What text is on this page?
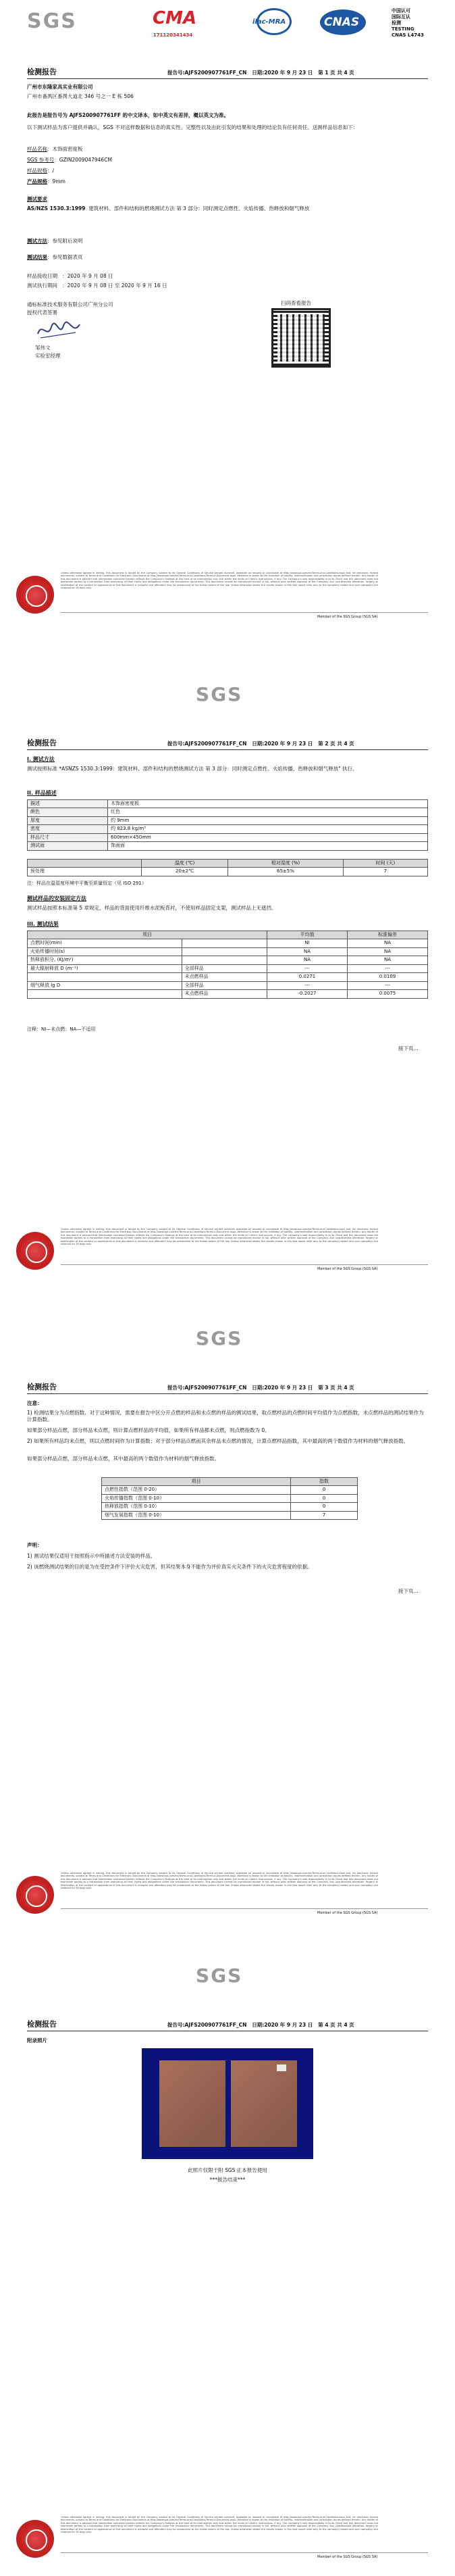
SGS	CMA
171120341434
ilac-MRA	CNAS
中国认可
国际互认
检测
TESTING
CNAS L4743
检测报告	报告号:AJFS200907761FF_CN 日期:2020 年 9 月 23 日 第 1 页 共 4 页
广州市东隆家具实业有限公司
广州市番禺区番禺大道北 346 号之一 E 栋 506
此报告是报告号为 AJFS200907761FF 的中文译本，如中英文有差异，概以英文为准。
以下测试样品为客户提供并确认，SGS 不对送样数据和信息的真实性、完整性以及由此引发的结果和处理的结论负有任何责任。送测样品信息如下：
样品名称：木饰面密度板
SGS 参考号：GZIN2009047946CM
样品规格：/
产品规格：9mm
测试要求
AS/NZS 1530.3:1999 建筑材料、部件和结构的燃烧测试方法 第 3 部分：同时测定点燃性、火焰传播、热释放和烟气释放
测试方法：参见附后说明
测试结果：参见数据表页
样品接收日期 ：2020 年 9 月 08 日
测试执行期间 ：2020 年 9 月 08 日 至 2020 年 9 月 16 日
通标标准技术服务有限公司广州分公司
授权代表签署
邹伟文
实验室经理
扫码查看报告
Unless otherwise agreed in writing, this document is issued by the Company subject to its General Conditions of Service printed overleaf, available on request or accessible at http://www.sgs.com/en/Terms-and-Conditions.aspx and, for electronic format documents, subject to Terms and Conditions for Electronic Documents at http://www.sgs.com/en/Terms-and-Conditions/Terms-e-Document.aspx. Attention is drawn to the limitation of liability, indemnification and jurisdiction issues defined therein. Any holder of this document is advised that information contained hereon reflects the Company's findings at the time of its intervention only and within the limits of Client's instructions, if any. The Company's sole responsibility is to its Client and this document does not exonerate parties to a transaction from exercising all their rights and obligations under the transaction documents. This document cannot be reproduced except in full, without prior written approval of the Company. Any unauthorized alteration, forgery or falsification of the content or appearance of this document is unlawful and offenders may be prosecuted to the fullest extent of the law. Unless otherwise stated the results shown in this test report refer only to the sample(s) tested and such sample(s) are retained for 30 days only.
Member of the SGS Group (SGS SA)
SGS
检测报告	报告号:AJFS200907761FF_CN 日期:2020 年 9 月 23 日 第 2 页 共 4 页
I. 测试方法
测试按照标准 *ASNZS 1530.3:1999：建筑材料、部件和结构的燃烧测试方法 第 3 部分：同时测定点燃性、火焰传播、热释放和烟气释放" 执行。
II. 样品描述
描述	木饰面密度板
颜色	红色
厚度	约 9mm
密度	约 823.8 kg/m³
样品尺寸	600mm×450mm
测试面	饰面面
	温度 (℃)	相对湿度 (%)	时间 (天)
预处理	20±2℃	65±5%	7
注：样品在温湿度环境中平衡至质量恒定（见 ISO 291）
测试样品的安装固定方法
测试样品按照本标准第 5 章规定，样品的背面使用纤维水泥板背衬，不使用样品固定支架，测试样品上无遮挡。
III. 测试结果
项目		平均值	标准偏差
点燃时间(min)		NI	NA
火焰传播时间(s)		NA	NA
热释放积分, (KJ/m²)		NA	NA
最大辐射释放 D (m⁻¹)	全部样品	---	---
	未点燃样品	0.0271	0.0109
烟气释放 lg D	全部样品	---	---
	未点燃样品	-0.2027	0.0075
注释：NI—未点燃；NA—不适用
接下页...
Unless otherwise agreed in writing, this document is issued by the Company subject to its General Conditions of Service printed overleaf, available on request or accessible at http://www.sgs.com/en/Terms-and-Conditions.aspx and, for electronic format documents, subject to Terms and Conditions for Electronic Documents at http://www.sgs.com/en/Terms-and-Conditions/Terms-e-Document.aspx. Attention is drawn to the limitation of liability, indemnification and jurisdiction issues defined therein. Any holder of this document is advised that information contained hereon reflects the Company's findings at the time of its intervention only and within the limits of Client's instructions, if any. The Company's sole responsibility is to its Client and this document does not exonerate parties to a transaction from exercising all their rights and obligations under the transaction documents. This document cannot be reproduced except in full, without prior written approval of the Company. Any unauthorized alteration, forgery or falsification of the content or appearance of this document is unlawful and offenders may be prosecuted to the fullest extent of the law. Unless otherwise stated the results shown in this test report refer only to the sample(s) tested and such sample(s) are retained for 30 days only.
Member of the SGS Group (SGS SA)
SGS
检测报告	报告号:AJFS200907761FF_CN 日期:2020 年 9 月 23 日 第 3 页 共 4 页
注意：
1) 检测结果分为点燃指数、对于这种情况，需要在报告中区分开点燃的样品和未点燃的样品的测试结果，取点燃样品的点燃时间平均值作为点燃指数，未点燃样品的测试结果作为计算指数。
如果部分样品点燃，部分样品未点燃，则计算点燃样品的平均值，如果所有样品都未点燃，则点燃指数为 0。
2) 如果所有样品均未点燃，则以点燃时间作为计算指数；对于部分样品点燃而其余样品未点燃的情况，计算点燃样品指数，其中最高的两个数值作为材料的烟气释放指数。
如果部分样品点燃，部分样品未点燃，其中最高的两个数值作为材料的烟气释放指数。
项目	指数
点燃性指数（范围 0-20）	0
火焰传播指数（范围 0-10）	0
热释放指数（范围 0-10）	0
烟气发展指数（范围 0-10）	7
声明：
1) 测试结果仅适用于按照指示中所描述方法安装的样品。
2) 该燃烧测试结果的目的是为在受控条件下评价火灾危害，但其结果本身不能作为评价真实火灾条件下的火灾危害程度的依据。
接下页...
Unless otherwise agreed in writing, this document is issued by the Company subject to its General Conditions of Service printed overleaf, available on request or accessible at http://www.sgs.com/en/Terms-and-Conditions.aspx and, for electronic format documents, subject to Terms and Conditions for Electronic Documents at http://www.sgs.com/en/Terms-and-Conditions/Terms-e-Document.aspx. Attention is drawn to the limitation of liability, indemnification and jurisdiction issues defined therein. Any holder of this document is advised that information contained hereon reflects the Company's findings at the time of its intervention only and within the limits of Client's instructions, if any. The Company's sole responsibility is to its Client and this document does not exonerate parties to a transaction from exercising all their rights and obligations under the transaction documents. This document cannot be reproduced except in full, without prior written approval of the Company. Any unauthorized alteration, forgery or falsification of the content or appearance of this document is unlawful and offenders may be prosecuted to the fullest extent of the law. Unless otherwise stated the results shown in this test report refer only to the sample(s) tested and such sample(s) are retained for 30 days only.
Member of the SGS Group (SGS SA)
SGS
检测报告	报告号:AJFS200907761FF_CN 日期:2020 年 9 月 23 日 第 4 页 共 4 页
附录照片
此照片仅限于附 SGS 正本报告使用
***报告结束***
Unless otherwise agreed in writing, this document is issued by the Company subject to its General Conditions of Service printed overleaf, available on request or accessible at http://www.sgs.com/en/Terms-and-Conditions.aspx and, for electronic format documents, subject to Terms and Conditions for Electronic Documents at http://www.sgs.com/en/Terms-and-Conditions/Terms-e-Document.aspx. Attention is drawn to the limitation of liability, indemnification and jurisdiction issues defined therein. Any holder of this document is advised that information contained hereon reflects the Company's findings at the time of its intervention only and within the limits of Client's instructions, if any. The Company's sole responsibility is to its Client and this document does not exonerate parties to a transaction from exercising all their rights and obligations under the transaction documents. This document cannot be reproduced except in full, without prior written approval of the Company. Any unauthorized alteration, forgery or falsification of the content or appearance of this document is unlawful and offenders may be prosecuted to the fullest extent of the law. Unless otherwise stated the results shown in this test report refer only to the sample(s) tested and such sample(s) are retained for 30 days only.
Member of the SGS Group (SGS SA)
